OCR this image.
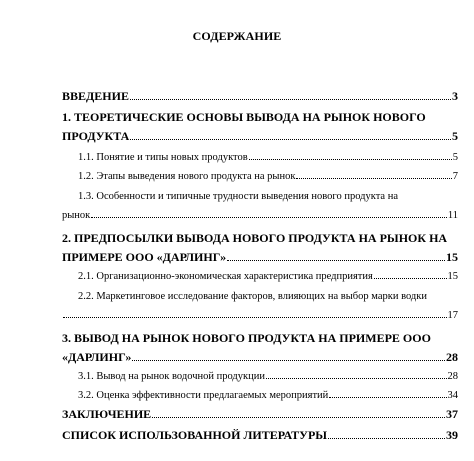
СОДЕРЖАНИЕ
ВВЕДЕНИЕ	3
1. ТЕОРЕТИЧЕСКИЕ ОСНОВЫ ВЫВОДА НА РЫНОК НОВОГО
ПРОДУКТА	5
1.1. Понятие и типы новых продуктов	5
1.2. Этапы выведения нового продукта на рынок	7
1.3. Особенности и типичные трудности выведения нового продукта на
рынок	11
2. ПРЕДПОСЫЛКИ ВЫВОДА НОВОГО ПРОДУКТА НА РЫНОК НА
ПРИМЕРЕ ООО «ДАРЛИНГ»	15
2.1. Организационно-экономическая характеристика предприятия	15
2.2. Маркетинговое исследование факторов, влияющих на выбор марки водки
17
3. ВЫВОД НА РЫНОК НОВОГО ПРОДУКТА НА ПРИМЕРЕ ООО
«ДАРЛИНГ»	28
3.1. Вывод на рынок водочной продукции	28
3.2. Оценка эффективности предлагаемых мероприятий	34
ЗАКЛЮЧЕНИЕ	37
СПИСОК ИСПОЛЬЗОВАННОЙ ЛИТЕРАТУРЫ	39
